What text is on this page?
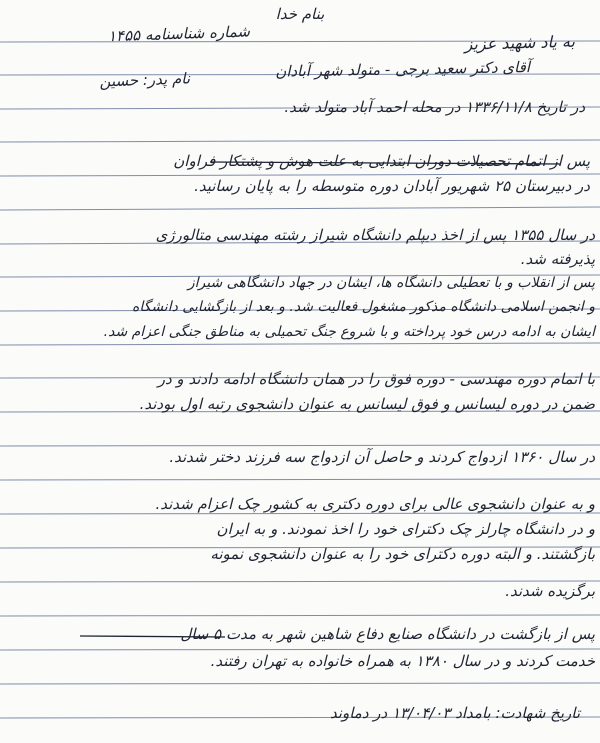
بنام خدا
شماره شناسنامه ۱۴۵۵	به یاد شهید عزیز
آقای دکتر سعید برجی - متولد شهر آبادان
نام پدر: حسین
در تاریخ ۱۳۳۶/۱۱/۸ در محله احمد آباد متولد شد.
پس از اتمام تحصیلات دوران ابتدایی به علت هوش و پشتکار فراوان
در دبیرستان ۲۵ شهریور آبادان دوره متوسطه را به پایان رسانید.
در سال ۱۳۵۵ پس از اخذ دیپلم دانشگاه شیراز رشته مهندسی متالورژی
پذیرفته شد.
پس از انقلاب و با تعطیلی دانشگاه ها، ایشان در جهاد دانشگاهی شیراز
و انجمن اسلامی دانشگاه مذکور مشغول فعالیت شد. و بعد از بازگشایی دانشگاه
ایشان به ادامه درس خود پرداخته و با شروع جنگ تحمیلی به مناطق جنگی اعزام شد.
با اتمام دوره مهندسی - دوره فوق را در همان دانشگاه ادامه دادند و در
ضمن در دوره لیسانس و فوق لیسانس به عنوان دانشجوی رتبه اول بودند.
در سال ۱۳۶۰ ازدواج کردند و حاصل آن ازدواج سه فرزند دختر شدند.
و به عنوان دانشجوی عالی برای دوره دکتری به کشور چک اعزام شدند.
و در دانشگاه چارلز چک دکترای خود را اخذ نمودند. و به ایران
بازگشتند. و البته دوره دکترای خود را به عنوان دانشجوی نمونه
برگزیده شدند.
پس از بازگشت در دانشگاه صنایع دفاع شاهین شهر به مدت ۵ سال
خدمت کردند و در سال ۱۳۸۰ به همراه خانواده به تهران رفتند.
تاریخ شهادت: بامداد ۱۳/۰۴/۰۳ در دماوند
